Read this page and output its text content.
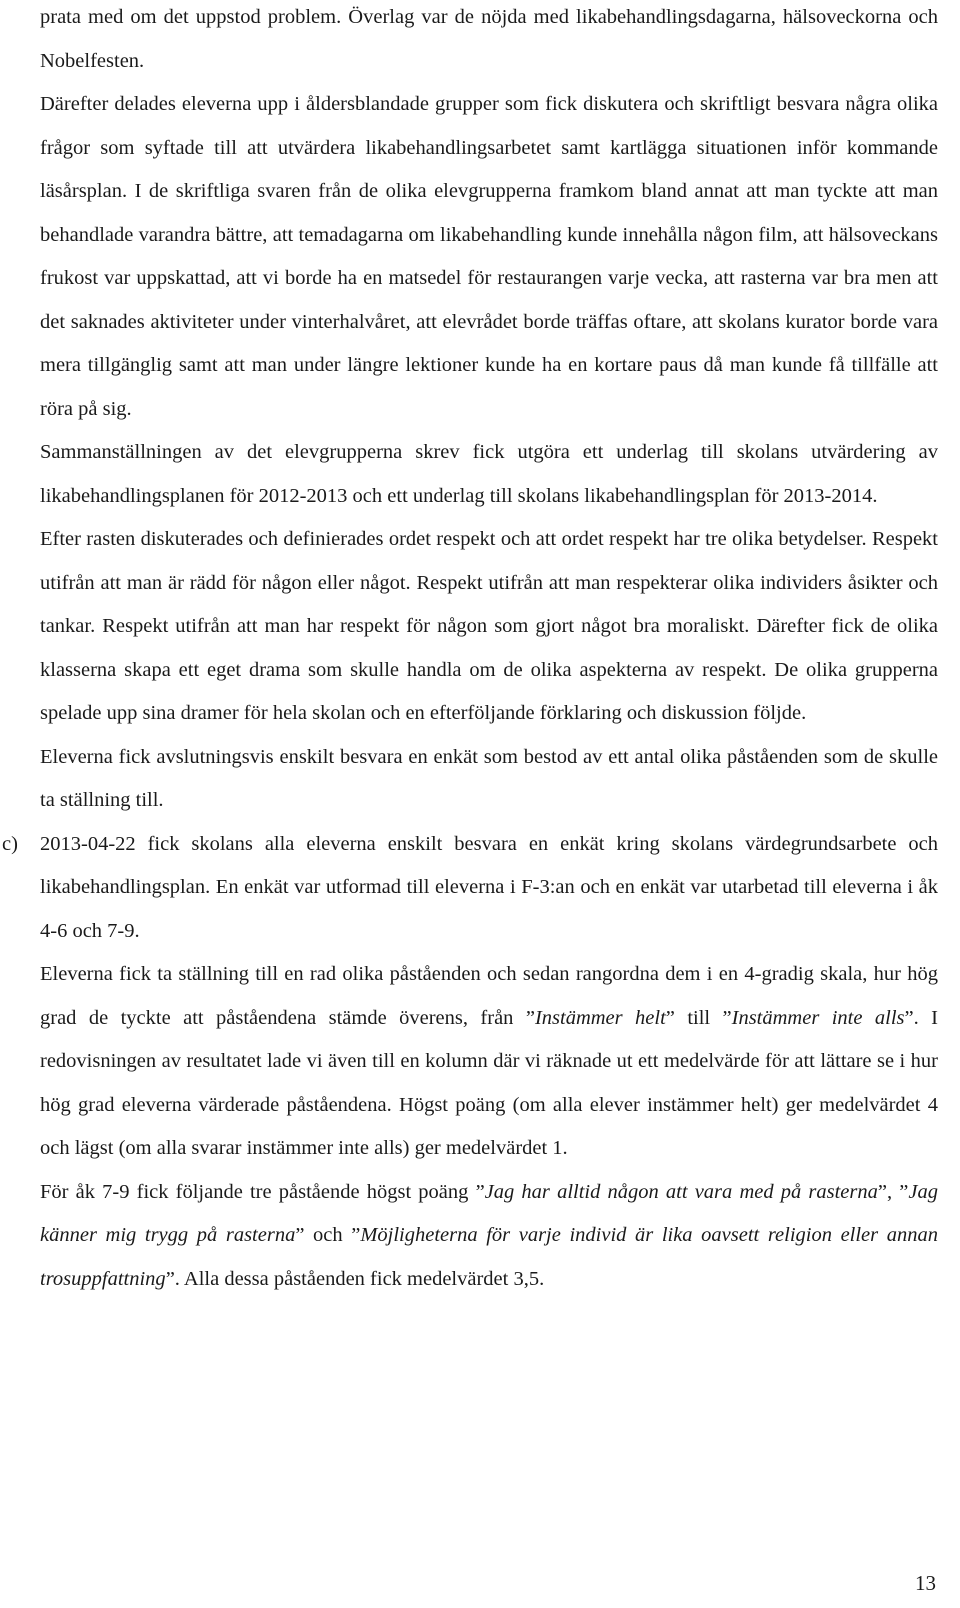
prata med om det uppstod problem. Överlag var de nöjda med likabehandlingsdagarna, hälsoveckorna och Nobelfesten.

Därefter delades eleverna upp i åldersblandade grupper som fick diskutera och skriftligt besvara några olika frågor som syftade till att utvärdera likabehandlingsarbetet samt kartlägga situationen inför kommande läsårsplan. I de skriftliga svaren från de olika elevgrupperna framkom bland annat att man tyckte att man behandlade varandra bättre, att temadagarna om likabehandling kunde innehålla någon film, att hälsoveckans frukost var uppskattad, att vi borde ha en matsedel för restaurangen varje vecka, att rasterna var bra men att det saknades aktiviteter under vinterhalvåret, att elevrådet borde träffas oftare, att skolans kurator borde vara mera tillgänglig samt att man under längre lektioner kunde ha en kortare paus då man kunde få tillfälle att röra på sig.

Sammanställningen av det elevgrupperna skrev fick utgöra ett underlag till skolans utvärdering av likabehandlingsplanen för 2012-2013 och ett underlag till skolans likabehandlingsplan för 2013-2014.

Efter rasten diskuterades och definierades ordet respekt och att ordet respekt har tre olika betydelser. Respekt utifrån att man är rädd för någon eller något. Respekt utifrån att man respekterar olika individers åsikter och tankar. Respekt utifrån att man har respekt för någon som gjort något bra moraliskt. Därefter fick de olika klasserna skapa ett eget drama som skulle handla om de olika aspekterna av respekt. De olika grupperna spelade upp sina dramer för hela skolan och en efterföljande förklaring och diskussion följde.

Eleverna fick avslutningsvis enskilt besvara en enkät som bestod av ett antal olika påståenden som de skulle ta ställning till.

c) 2013-04-22 fick skolans alla eleverna enskilt besvara en enkät kring skolans värdegrundsarbete och likabehandlingsplan. En enkät var utformad till eleverna i F-3:an och en enkät var utarbetad till eleverna i åk 4-6 och 7-9.

Eleverna fick ta ställning till en rad olika påståenden och sedan rangordna dem i en 4-gradig skala, hur hög grad de tyckte att påståendena stämde överens, från ”Instämmer helt” till ”Instämmer inte alls”. I redovisningen av resultatet lade vi även till en kolumn där vi räknade ut ett medelvärde för att lättare se i hur hög grad eleverna värderade påståendena. Högst poäng (om alla elever instämmer helt) ger medelvärdet 4 och lägst (om alla svarar instämmer inte alls) ger medelvärdet 1.

För åk 7-9 fick följande tre påstående högst poäng ”Jag har alltid någon att vara med på rasterna”, ”Jag känner mig trygg på rasterna” och ”Möjligheterna för varje individ är lika oavsett religion eller annan trosuppfattning”. Alla dessa påståenden fick medelvärdet 3,5.

13
